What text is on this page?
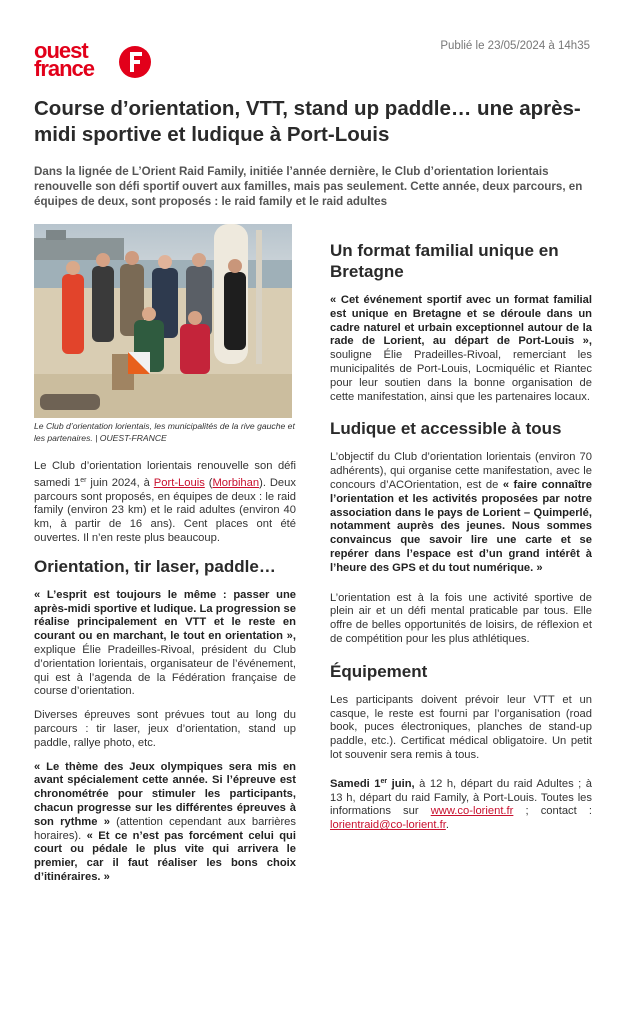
ouest
france
Publié le 23/05/2024 à 14h35
Course d’orientation, VTT, stand up paddle… une après-midi sportive et ludique à Port-Louis

Dans la lignée de L’Orient Raid Family, initiée l’année dernière, le Club d’orientation lorientais renouvelle son défi sportif ouvert aux familles, mais pas seulement. Cette année, deux parcours, en équipes de deux, sont proposés : le raid family et le raid adultes

Le Club d’orientation lorientais, les municipalités de la rive gauche et les partenaires. | OUEST-FRANCE

Le Club d’orientation lorientais renouvelle son défi samedi 1er juin 2024, à Port-Louis (Morbihan). Deux parcours sont proposés, en équipes de deux : le raid family (environ 23 km) et le raid adultes (environ 40 km, à partir de 16 ans). Cent places ont été ouvertes. Il n’en reste plus beaucoup.

Orientation, tir laser, paddle…

« L’esprit est toujours le même : passer une après-midi sportive et ludique. La progression se réalise principalement en VTT et le reste en courant ou en marchant, le tout en orientation », explique Élie Pradeilles-Rivoal, président du Club d’orientation lorientais, organisateur de l’événement, qui est à l’agenda de la Fédération française de course d’orientation.

Diverses épreuves sont prévues tout au long du parcours : tir laser, jeux d’orientation, stand up paddle, rallye photo, etc.

« Le thème des Jeux olympiques sera mis en avant spécialement cette année. Si l’épreuve est chronométrée pour stimuler les participants, chacun progresse sur les différentes épreuves à son rythme » (attention cependant aux barrières horaires). « Et ce n’est pas forcément celui qui court ou pédale le plus vite qui arrivera le premier, car il faut réaliser les bons choix d’itinéraires. »

Un format familial unique en Bretagne

« Cet événement sportif avec un format familial est unique en Bretagne et se déroule dans un cadre naturel et urbain exceptionnel autour de la rade de Lorient, au départ de Port-Louis », souligne Élie Pradeilles-Rivoal, remerciant les municipalités de Port-Louis, Locmiquélic et Riantec pour leur soutien dans la bonne organisation de cette manifestation, ainsi que les partenaires locaux.

Ludique et accessible à tous

L’objectif du Club d’orientation lorientais (environ 70 adhérents), qui organise cette manifestation, avec le concours d’ACOrientation, est de « faire connaître l’orientation et les activités proposées par notre association dans le pays de Lorient – Quimperlé, notamment auprès des jeunes. Nous sommes convaincus que savoir lire une carte et se repérer dans l’espace est d’un grand intérêt à l’heure des GPS et du tout numérique. »

L’orientation est à la fois une activité sportive de plein air et un défi mental praticable par tous. Elle offre de belles opportunités de loisirs, de réflexion et de compétition pour les plus athlétiques.

Équipement

Les participants doivent prévoir leur VTT et un casque, le reste est fourni par l’organisation (road book, puces électroniques, planches de stand-up paddle, etc.). Certificat médical obligatoire. Un petit lot souvenir sera remis à tous.

Samedi 1er juin, à 12 h, départ du raid Adultes ; à 13 h, départ du raid Family, à Port-Louis. Toutes les informations sur www.co-lorient.fr ; contact : lorientraid@co-lorient.fr.
